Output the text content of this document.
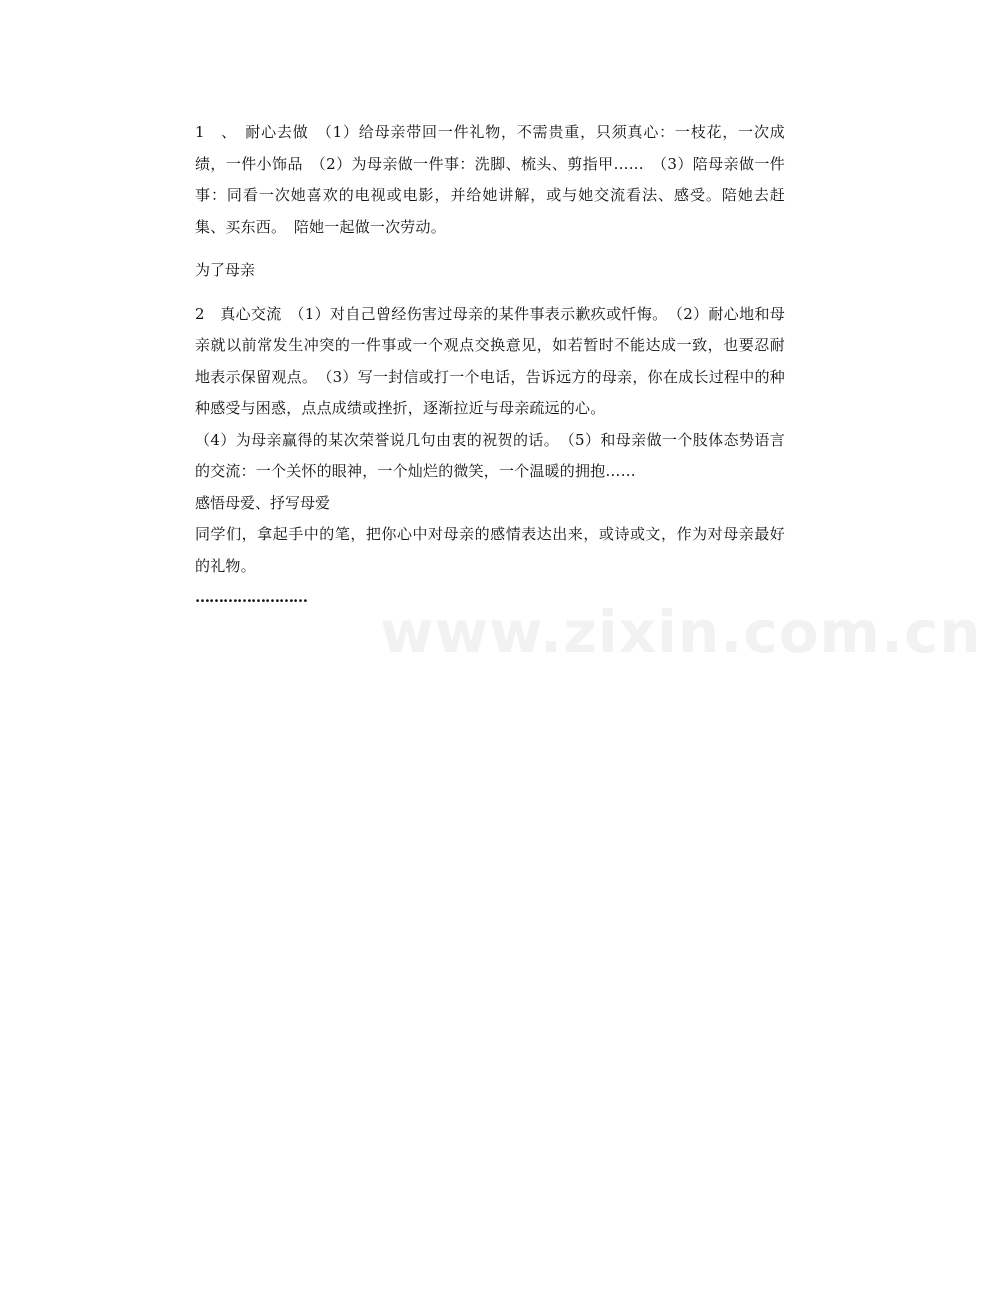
1　、　耐心去做　（1）给母亲带回一件礼物，不需贵重，只须真心：一枝花，一次成绩，一件小饰品　（2）为母亲做一件事：洗脚、梳头、剪指甲……　（3）陪母亲做一件事：同看一次她喜欢的电视或电影，并给她讲解，或与她交流看法、感受。陪她去赶集、买东西。　陪她一起做一次劳动。

为了母亲

2　真心交流　（1）对自己曾经伤害过母亲的某件事表示歉疚或忏悔。　（2）耐心地和母亲就以前常发生冲突的一件事或一个观点交换意见，如若暂时不能达成一致，也要忍耐地表示保留观点。　（3）写一封信或打一个电话，告诉远方的母亲，你在成长过程中的种种感受与困惑，点点成绩或挫折，逐渐拉近与母亲疏远的心。

（4）为母亲赢得的某次荣誉说几句由衷的祝贺的话。　（5）和母亲做一个肢体态势语言的交流：一个关怀的眼神，一个灿烂的微笑，一个温暖的拥抱……

感悟母爱、抒写母爱

同学们，拿起手中的笔，把你心中对母亲的感情表达出来，或诗或文，作为对母亲最好的礼物。

……………………

www.zixin.com.cn
